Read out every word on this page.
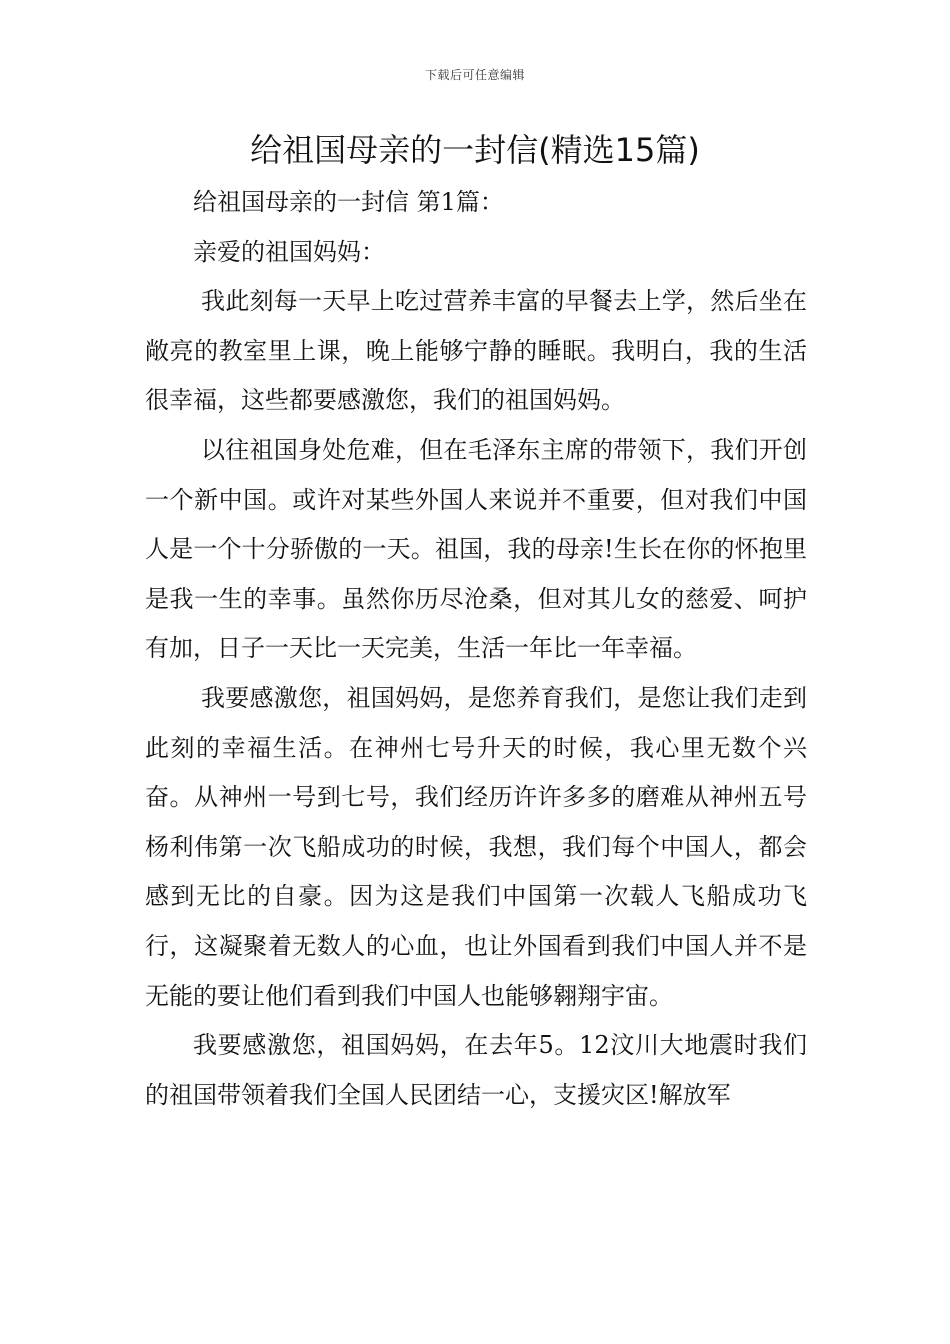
下载后可任意编辑
给祖国母亲的一封信(精选15篇)

给祖国母亲的一封信 第1篇：

亲爱的祖国妈妈：

我此刻每一天早上吃过营养丰富的早餐去上学，然后坐在敞亮的教室里上课，晚上能够宁静的睡眠。我明白，我的生活很幸福，这些都要感激您，我们的祖国妈妈。

以往祖国身处危难，但在毛泽东主席的带领下，我们开创一个新中国。或许对某些外国人来说并不重要，但对我们中国人是一个十分骄傲的一天。祖国，我的母亲!生长在你的怀抱里是我一生的幸事。虽然你历尽沧桑，但对其儿女的慈爱、呵护有加，日子一天比一天完美，生活一年比一年幸福。

我要感激您，祖国妈妈，是您养育我们，是您让我们走到此刻的幸福生活。在神州七号升天的时候，我心里无数个兴奋。从神州一号到七号，我们经历许许多多的磨难从神州五号杨利伟第一次飞船成功的时候，我想，我们每个中国人，都会感到无比的自豪。因为这是我们中国第一次载人飞船成功飞行，这凝聚着无数人的心血，也让外国看到我们中国人并不是无能的要让他们看到我们中国人也能够翱翔宇宙。

我要感激您，祖国妈妈，在去年5。12汶川大地震时我们的祖国带领着我们全国人民团结一心，支援灾区!解放军
